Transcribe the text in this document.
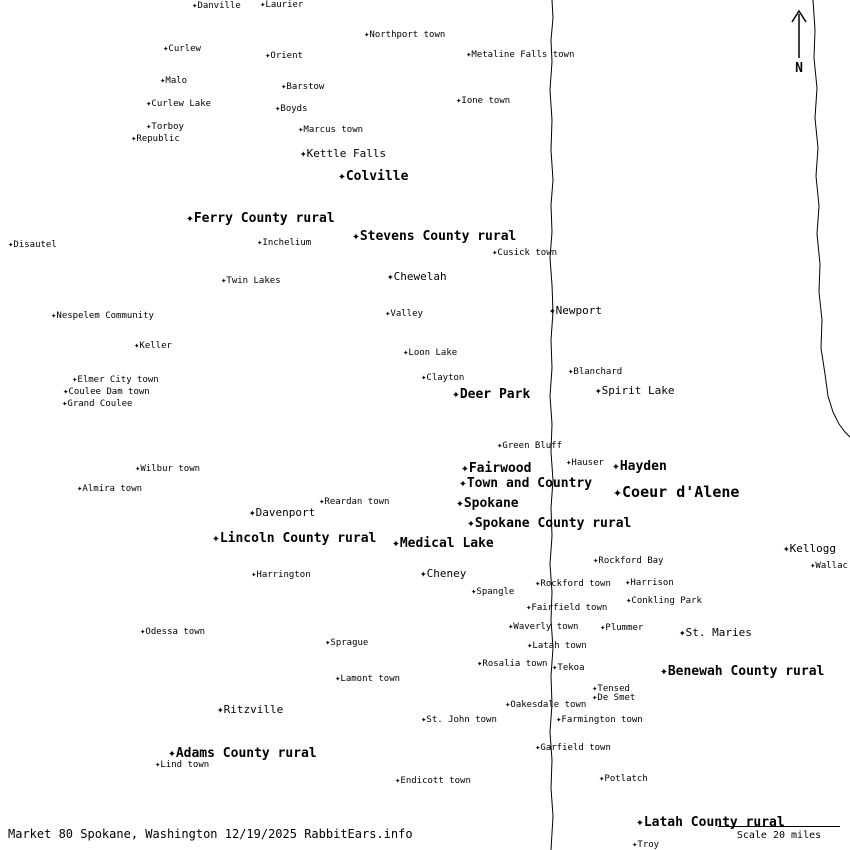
N
Market 80 Spokane, Washington 12/19/2025 RabbitEars.info	Scale 20 miles
✦Danville ✦Laurier
✦Northport town
✦Curlew
✦Orient	✦Metaline Falls town
✦Malo
✦Barstow
✦Curlew Lake	✦Boyds
✦Ione town
✦Torboy	✦Marcus town
✦Republic
✦Kettle Falls
✦Colville
✦Ferry County rural
✦Stevens County rural
✦Disautel	✦Inchelium
✦Cusick town
✦Chewelah
✦Twin Lakes
✦Newport
✦Nespelem Community	✦Valley
✦Keller
✦Loon Lake
✦Elmer City town	✦Clayton
✦Blanchard
✦Coulee Dam town
✦Grand Coulee
✦Deer Park	✦Spirit Lake
✦Green Bluff
✦Wilbur town	✦Fairwood	✦Hauser ✦Hayden
✦Town and Country
✦Almira town
✦Reardan town	✦Spokane
✦Coeur d'Alene
✦Davenport
✦Spokane County rural
✦Lincoln County rural ✦Medical Lake	✦Kellogg
✦Rockford Bay	✦Wallac
✦Harrington	✦Cheney
✦Rockford town ✦Harrison
✦Spangle
✦Conkling Park
✦Fairfield town
✦Odessa town	✦Waverly town ✦Plummer	✦St. Maries
✦Sprague	✦Latah town
✦Rosalia town ✦Tekoa	✦Benewah County rural
✦Lamont town
✦Tensed
✦De Smet
✦Ritzville	✦Oakesdale town
✦St. John town	✦Farmington town
✦Adams County rural	✦Garfield town
✦Lind town
✦Endicott town	✦Potlatch
✦Latah County rural
✦Troy
